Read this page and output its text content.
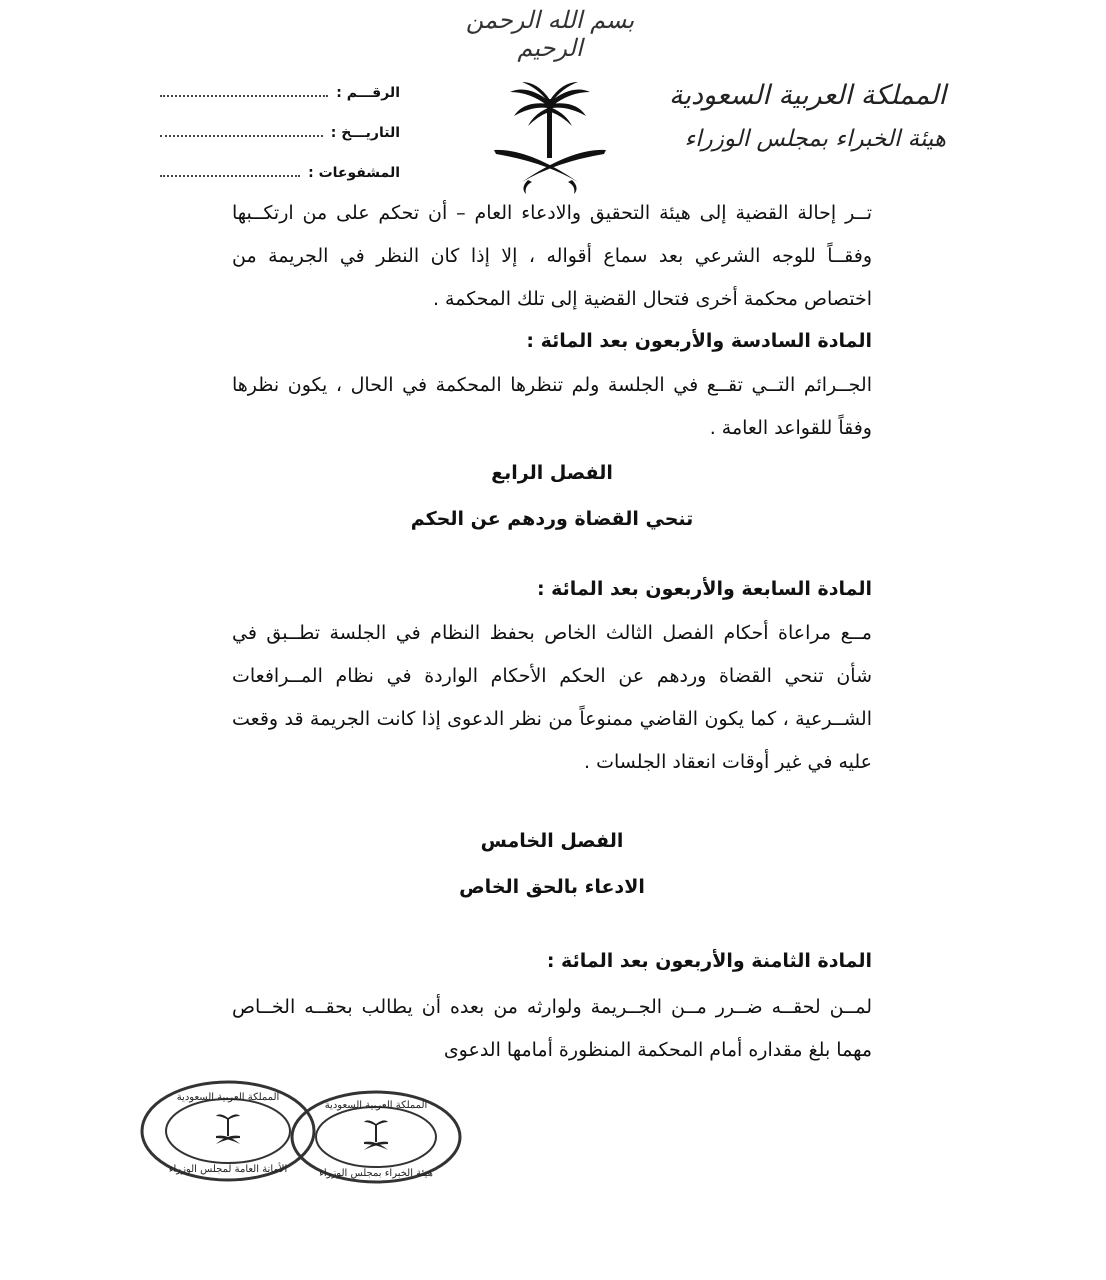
بسم الله الرحمن الرحيم
المملكة العربية السعودية
هيئة الخبراء بمجلس الوزراء
الرقـــم :
التاريـــخ :
المشفوعات :
تــر إحالة القضية إلى هيئة التحقيق والادعاء العام – أن تحكم على من ارتكــبها وفقــاً للوجه الشرعي بعد سماع أقواله ، إلا إذا كان النظر في الجريمة من اختصاص محكمة أخرى فتحال القضية إلى تلك المحكمة .
المادة السادسة والأربعون بعد المائة :
الجــرائم التــي تقــع في الجلسة ولم تنظرها المحكمة في الحال ، يكون نظرها وفقاً للقواعد العامة .
الفصل الرابع
تنحي القضاة وردهم عن الحكم
المادة السابعة والأربعون بعد المائة :
مــع مراعاة أحكام الفصل الثالث الخاص بحفظ النظام في الجلسة تطــبق في شأن تنحي القضاة وردهم عن الحكم الأحكام الواردة في نظام المــرافعات الشــرعية ، كما يكون القاضي ممنوعاً من نظر الدعوى إذا كانت الجريمة قد وقعت عليه في غير أوقات انعقاد الجلسات .
الفصل الخامس
الادعاء بالحق الخاص
المادة الثامنة والأربعون بعد المائة :
لمــن لحقــه ضــرر مــن الجــريمة ولوارثه من بعده أن يطالب بحقــه الخــاص مهما بلغ مقداره أمام المحكمة المنظورة أمامها الدعوى
المملكة العربية السعودية
الأمانة العامة لمجلس الوزراء
المملكة العربية السعودية
هيئة الخبراء بمجلس الوزراء
